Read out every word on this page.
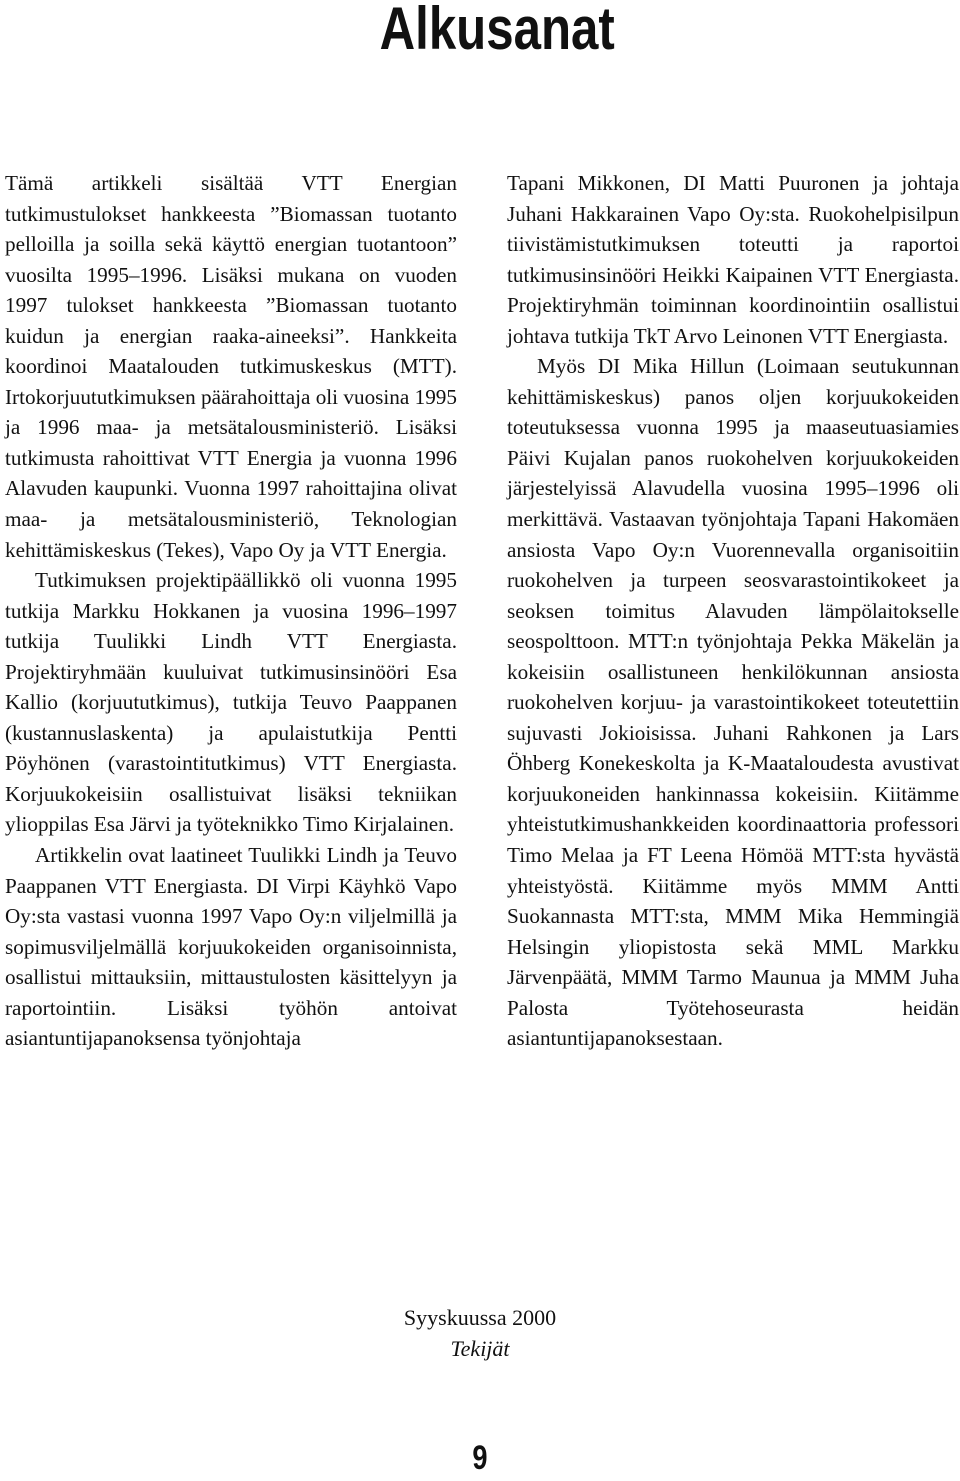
Alkusanat

Tämä artikkeli sisältää VTT Energian tutkimustulokset hankkeesta ”Biomassan tuotanto pelloilla ja soilla sekä käyttö energian tuotantoon” vuosilta 1995–1996. Lisäksi mukana on vuoden 1997 tulokset hankkeesta ”Biomassan tuotanto kuidun ja energian raaka-aineeksi”. Hankkeita koordinoi Maatalouden tutkimuskeskus (MTT). Irtokorjuututkimuksen päärahoittaja oli vuosina 1995 ja 1996 maa- ja metsätalousministeriö. Lisäksi tutkimusta rahoittivat VTT Energia ja vuonna 1996 Alavuden kaupunki. Vuonna 1997 rahoittajina olivat maa- ja metsätalousministeriö, Teknologian kehittämiskeskus (Tekes), Vapo Oy ja VTT Energia.

Tutkimuksen projektipäällikkö oli vuonna 1995 tutkija Markku Hokkanen ja vuosina 1996–1997 tutkija Tuulikki Lindh VTT Energiasta. Projektiryhmään kuuluivat tutkimusinsinööri Esa Kallio (korjuututkimus), tutkija Teuvo Paappanen (kustannuslaskenta) ja apulaistutkija Pentti Pöyhönen (varastointitutkimus) VTT Energiasta. Korjuukokeisiin osallistuivat lisäksi tekniikan ylioppilas Esa Järvi ja työteknikko Timo Kirjalainen.

Artikkelin ovat laatineet Tuulikki Lindh ja Teuvo Paappanen VTT Energiasta. DI Virpi Käyhkö Vapo Oy:sta vastasi vuonna 1997 Vapo Oy:n viljelmillä ja sopimusviljelmällä korjuukokeiden organisoinnista, osallistui mittauksiin, mittaustulosten käsittelyyn ja raportointiin. Lisäksi työhön antoivat asiantuntijapanoksensa työnjohtaja

Tapani Mikkonen, DI Matti Puuronen ja johtaja Juhani Hakkarainen Vapo Oy:sta. Ruokohelpisilpun tiivistämistutkimuksen toteutti ja raportoi tutkimusinsinööri Heikki Kaipainen VTT Energiasta. Projektiryhmän toiminnan koordinointiin osallistui johtava tutkija TkT Arvo Leinonen VTT Energiasta.

Myös DI Mika Hillun (Loimaan seutukunnan kehittämiskeskus) panos oljen korjuukokeiden toteutuksessa vuonna 1995 ja maaseutuasiamies Päivi Kujalan panos ruokohelven korjuukokeiden järjestelyissä Alavudella vuosina 1995–1996 oli merkittävä. Vastaavan työnjohtaja Tapani Hakomäen ansiosta Vapo Oy:n Vuorennevalla organisoitiin ruokohelven ja turpeen seosvarastointikokeet ja seoksen toimitus Alavuden lämpölaitokselle seospolttoon. MTT:n työnjohtaja Pekka Mäkelän ja kokeisiin osallistuneen henkilökunnan ansiosta ruokohelven korjuu- ja varastointikokeet toteutettiin sujuvasti Jokioisissa. Juhani Rahkonen ja Lars Öhberg Konekeskolta ja K-Maataloudesta avustivat korjuukoneiden hankinnassa kokeisiin. Kiitämme yhteistutkimushankkeiden koordinaattoria professori Timo Melaa ja FT Leena Hömöä MTT:sta hyvästä yhteistyöstä. Kiitämme myös MMM Antti Suokannasta MTT:sta, MMM Mika Hemmingiä Helsingin yliopistosta sekä MML Markku Järvenpäätä, MMM Tarmo Maunua ja MMM Juha Palosta Työtehoseurasta heidän asiantuntijapanoksestaan.

Syyskuussa 2000
Tekijät
9
